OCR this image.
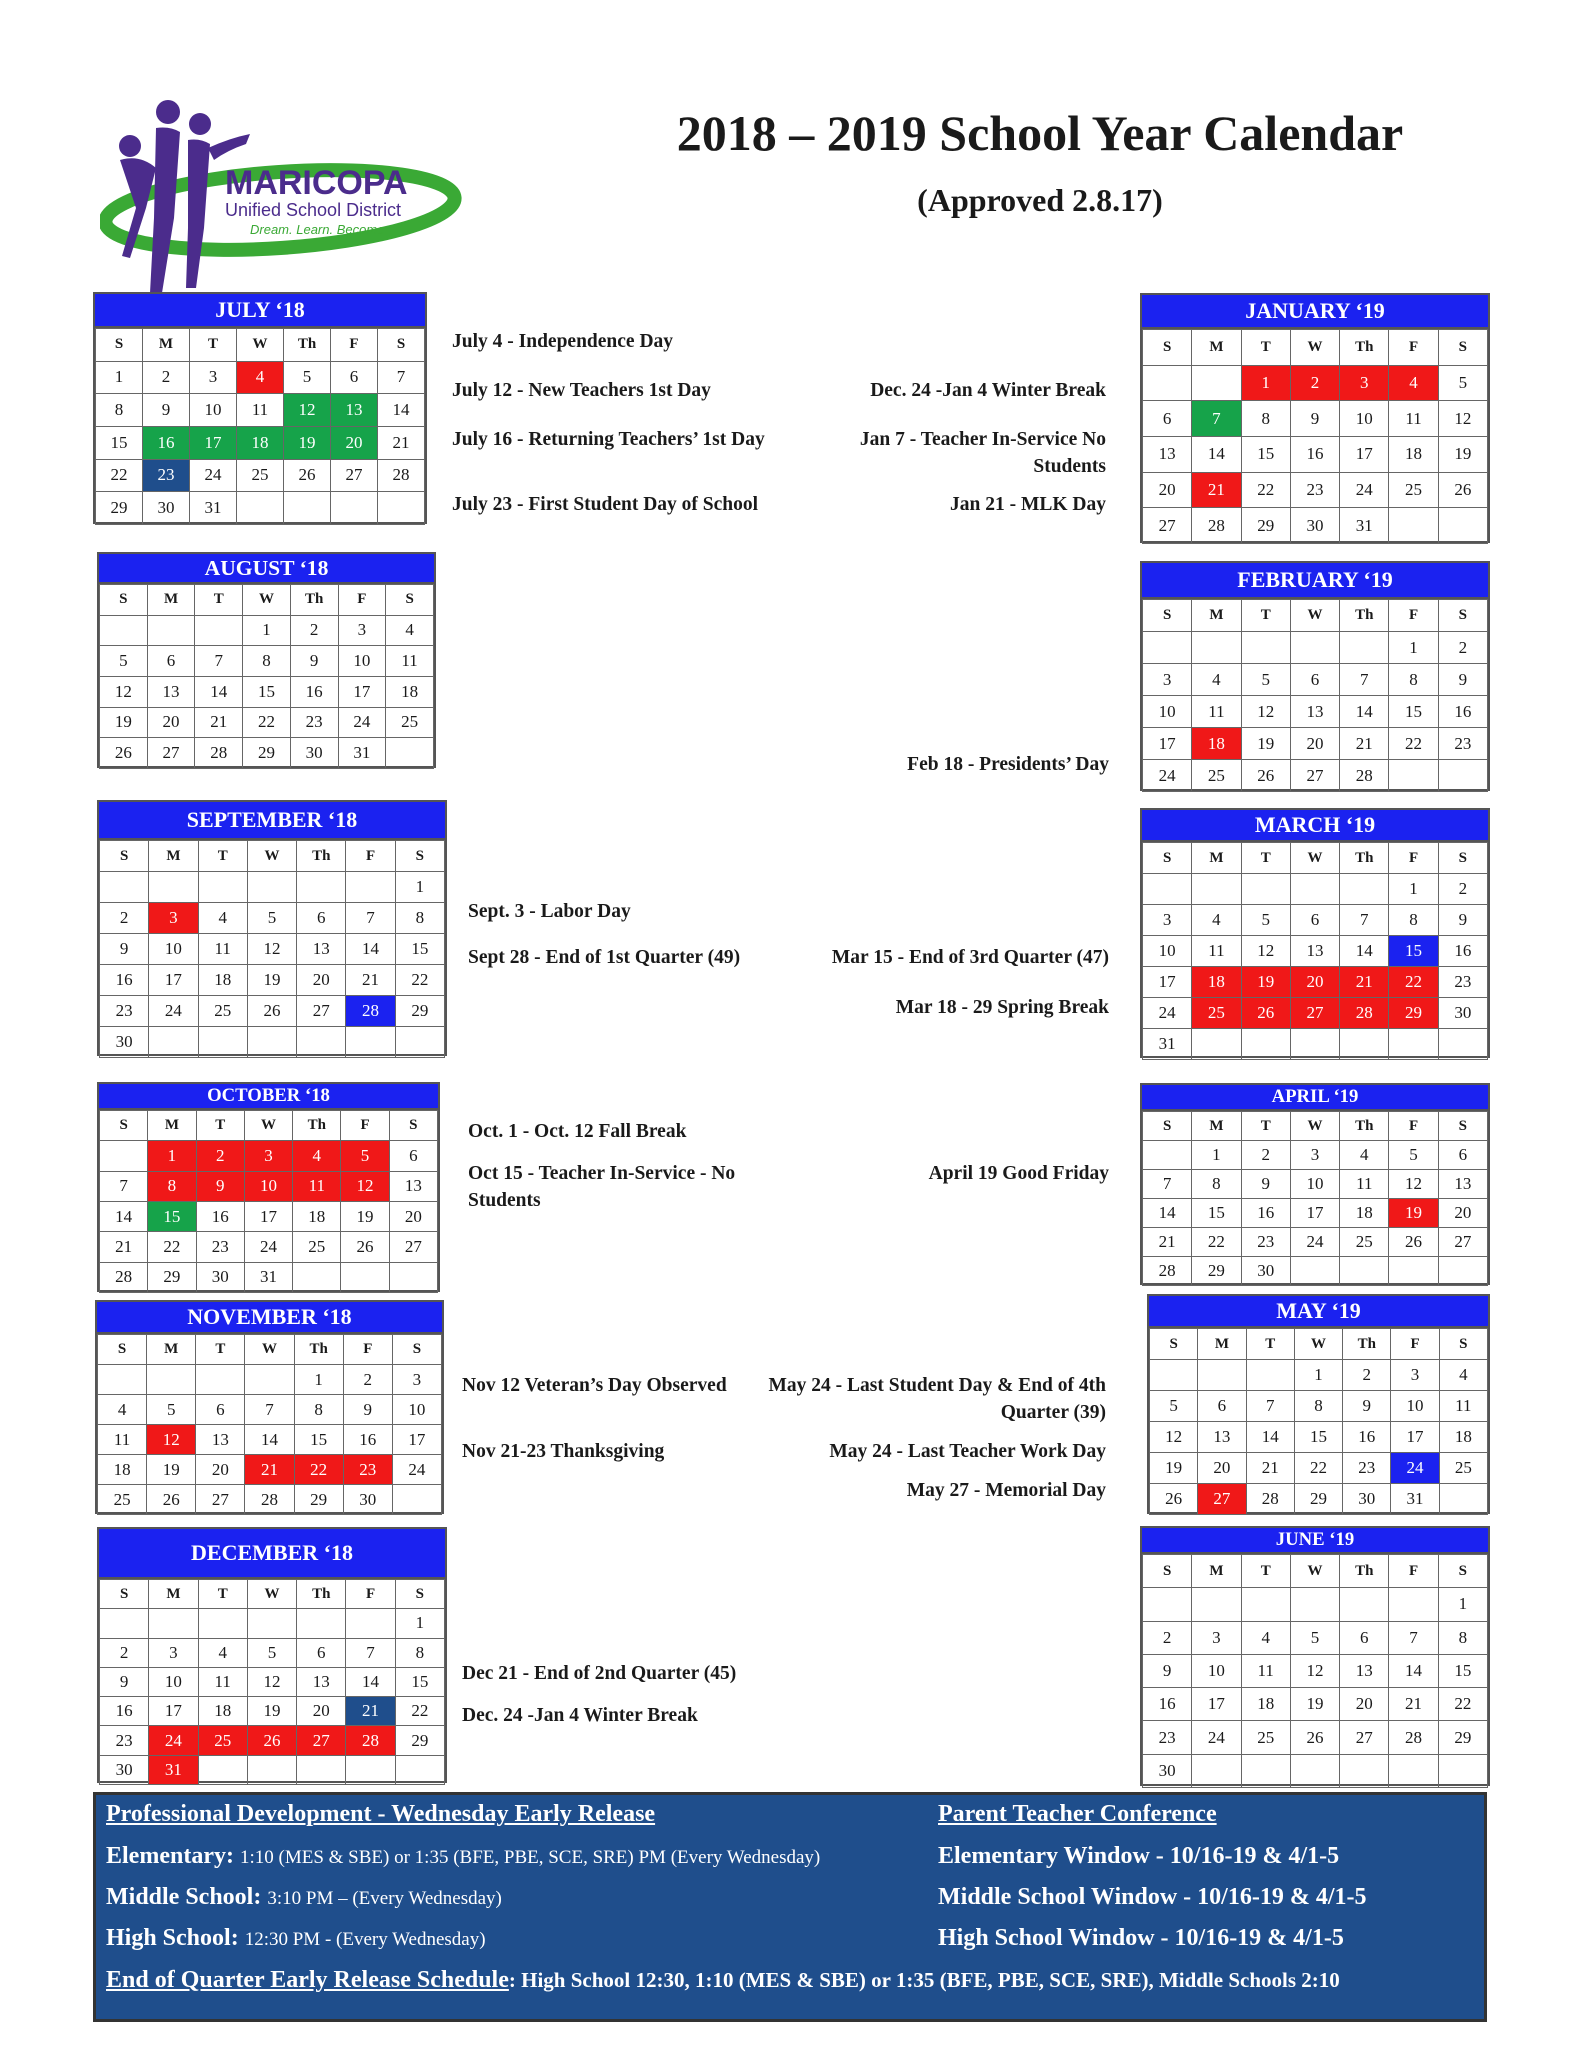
MARICOPA
Unified School District
Dream. Learn. Become.
2018 – 2019 School Year Calendar
(Approved 2.8.17)
JULY ‘18
S	M	T	W	Th	F	S
1	2	3	4	5	6	7
8	9	10	11	12	13	14
15	16	17	18	19	20	21
22	23	24	25	26	27	28
29	30	31				
AUGUST ‘18
S	M	T	W	Th	F	S
			1	2	3	4
5	6	7	8	9	10	11
12	13	14	15	16	17	18
19	20	21	22	23	24	25
26	27	28	29	30	31	
SEPTEMBER ‘18
S	M	T	W	Th	F	S
						1
2	3	4	5	6	7	8
9	10	11	12	13	14	15
16	17	18	19	20	21	22
23	24	25	26	27	28	29
30						
OCTOBER ‘18
S	M	T	W	Th	F	S
	1	2	3	4	5	6
7	8	9	10	11	12	13
14	15	16	17	18	19	20
21	22	23	24	25	26	27
28	29	30	31			
NOVEMBER ‘18
S	M	T	W	Th	F	S
				1	2	3
4	5	6	7	8	9	10
11	12	13	14	15	16	17
18	19	20	21	22	23	24
25	26	27	28	29	30	
DECEMBER ‘18
S	M	T	W	Th	F	S
						1
2	3	4	5	6	7	8
9	10	11	12	13	14	15
16	17	18	19	20	21	22
23	24	25	26	27	28	29
30	31					
JANUARY ‘19
S	M	T	W	Th	F	S
		1	2	3	4	5
6	7	8	9	10	11	12
13	14	15	16	17	18	19
20	21	22	23	24	25	26
27	28	29	30	31		
FEBRUARY ‘19
S	M	T	W	Th	F	S
					1	2
3	4	5	6	7	8	9
10	11	12	13	14	15	16
17	18	19	20	21	22	23
24	25	26	27	28		
MARCH ‘19
S	M	T	W	Th	F	S
					1	2
3	4	5	6	7	8	9
10	11	12	13	14	15	16
17	18	19	20	21	22	23
24	25	26	27	28	29	30
31						
APRIL ‘19
S	M	T	W	Th	F	S
	1	2	3	4	5	6
7	8	9	10	11	12	13
14	15	16	17	18	19	20
21	22	23	24	25	26	27
28	29	30				
MAY ‘19
S	M	T	W	Th	F	S
			1	2	3	4
5	6	7	8	9	10	11
12	13	14	15	16	17	18
19	20	21	22	23	24	25
26	27	28	29	30	31	
JUNE ‘19
S	M	T	W	Th	F	S
						1
2	3	4	5	6	7	8
9	10	11	12	13	14	15
16	17	18	19	20	21	22
23	24	25	26	27	28	29
30						
July 4 - Independence Day
July 12 - New Teachers 1st Day
July 16 - Returning Teachers’ 1st Day
July 23 - First Student Day of School
Dec. 24 -Jan 4 Winter Break
Jan 7 - Teacher In-Service No Students
Jan 21 - MLK Day
Feb 18 - Presidents’ Day
Sept. 3 - Labor Day
Sept 28 - End of 1st Quarter (49)	Mar 15 - End of 3rd Quarter (47)
Mar 18 - 29 Spring Break
Oct. 1 - Oct. 12 Fall Break
Oct 15 - Teacher In-Service - No Students
April 19 Good Friday
Nov 12 Veteran’s Day Observed
Nov 21-23 Thanksgiving
May 24 - Last Student Day & End of 4th Quarter (39)
May 24 - Last Teacher Work Day
May 27 - Memorial Day
Dec 21 - End of 2nd Quarter (45)
Dec. 24 -Jan 4 Winter Break
Professional Development - Wednesday Early Release
Elementary: 1:10 (MES & SBE) or 1:35 (BFE, PBE, SCE, SRE) PM (Every Wednesday)
Middle School: 3:10 PM – (Every Wednesday)
High School: 12:30 PM - (Every Wednesday)
Parent Teacher Conference
Elementary Window - 10/16-19 & 4/1-5
Middle School Window - 10/16-19 & 4/1-5
High School Window - 10/16-19 & 4/1-5
End of Quarter Early Release Schedule: High School 12:30, 1:10 (MES & SBE) or 1:35 (BFE, PBE, SCE, SRE), Middle Schools 2:10
